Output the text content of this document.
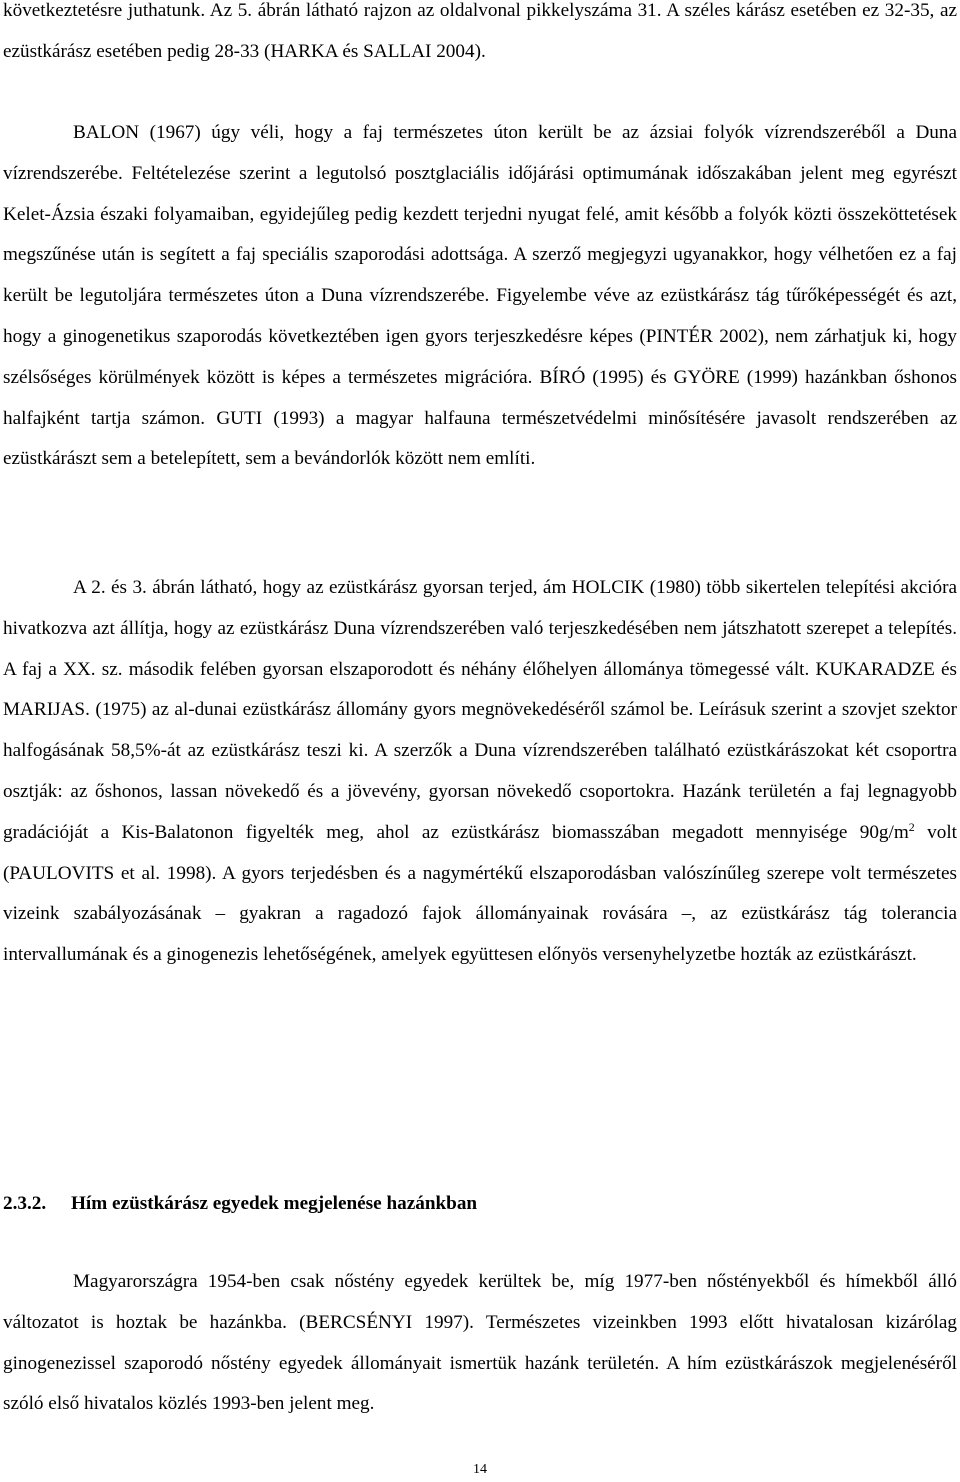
következtetésre juthatunk. Az 5. ábrán látható rajzon az oldalvonal pikkelyszáma 31. A széles kárász esetében ez 32-35, az ezüstkárász esetében pedig 28-33 (HARKA és SALLAI 2004).

BALON (1967) úgy véli, hogy a faj természetes úton került be az ázsiai folyók vízrendszeréből a Duna vízrendszerébe. Feltételezése szerint a legutolsó posztglaciális időjárási optimumának időszakában jelent meg egyrészt Kelet-Ázsia északi folyamaiban, egyidejűleg pedig kezdett terjedni nyugat felé, amit később a folyók közti összeköttetések megszűnése után is segített a faj speciális szaporodási adottsága. A szerző megjegyzi ugyanakkor, hogy vélhetően ez a faj került be legutoljára természetes úton a Duna vízrendszerébe. Figyelembe véve az ezüstkárász tág tűrőképességét és azt, hogy a ginogenetikus szaporodás következtében igen gyors terjeszkedésre képes (PINTÉR 2002), nem zárhatjuk ki, hogy szélsőséges körülmények között is képes a természetes migrációra. BÍRÓ (1995) és GYÖRE (1999) hazánkban őshonos halfajként tartja számon. GUTI (1993) a magyar halfauna természetvédelmi minősítésére javasolt rendszerében az ezüstkárászt sem a betelepített, sem a bevándorlók között nem említi.

A 2. és 3. ábrán látható, hogy az ezüstkárász gyorsan terjed, ám HOLCIK (1980) több sikertelen telepítési akcióra hivatkozva azt állítja, hogy az ezüstkárász Duna vízrendszerében való terjeszkedésében nem játszhatott szerepet a telepítés. A faj a XX. sz. második felében gyorsan elszaporodott és néhány élőhelyen állománya tömegessé vált. KUKARADZE és MARIJAS. (1975) az al-dunai ezüstkárász állomány gyors megnövekedéséről számol be. Leírásuk szerint a szovjet szektor halfogásának 58,5%-át az ezüstkárász teszi ki. A szerzők a Duna vízrendszerében található ezüstkárászokat két csoportra osztják: az őshonos, lassan növekedő és a jövevény, gyorsan növekedő csoportokra. Hazánk területén a faj legnagyobb gradációját a Kis-Balatonon figyelték meg, ahol az ezüstkárász biomasszában megadott mennyisége $90g/m^2$ volt (PAULOVITS et al. 1998). A gyors terjedésben és a nagymértékű elszaporodásban valószínűleg szerepe volt természetes vizeink szabályozásának – gyakran a ragadozó fajok állományainak rovására –, az ezüstkárász tág tolerancia intervallumának és a ginogenezis lehetőségének, amelyek együttesen előnyös versenyhelyzetbe hozták az ezüstkárászt.

2.3.2. Hím ezüstkárász egyedek megjelenése hazánkban

Magyarországra 1954-ben csak nőstény egyedek kerültek be, míg 1977-ben nőstényekből és hímekből álló változatot is hoztak be hazánkba. (BERCSÉNYI 1997). Természetes vizeinkben 1993 előtt hivatalosan kizárólag ginogenezissel szaporodó nőstény egyedek állományait ismertük hazánk területén. A hím ezüstkárászok megjelenéséről szóló első hivatalos közlés 1993-ben jelent meg.

14
